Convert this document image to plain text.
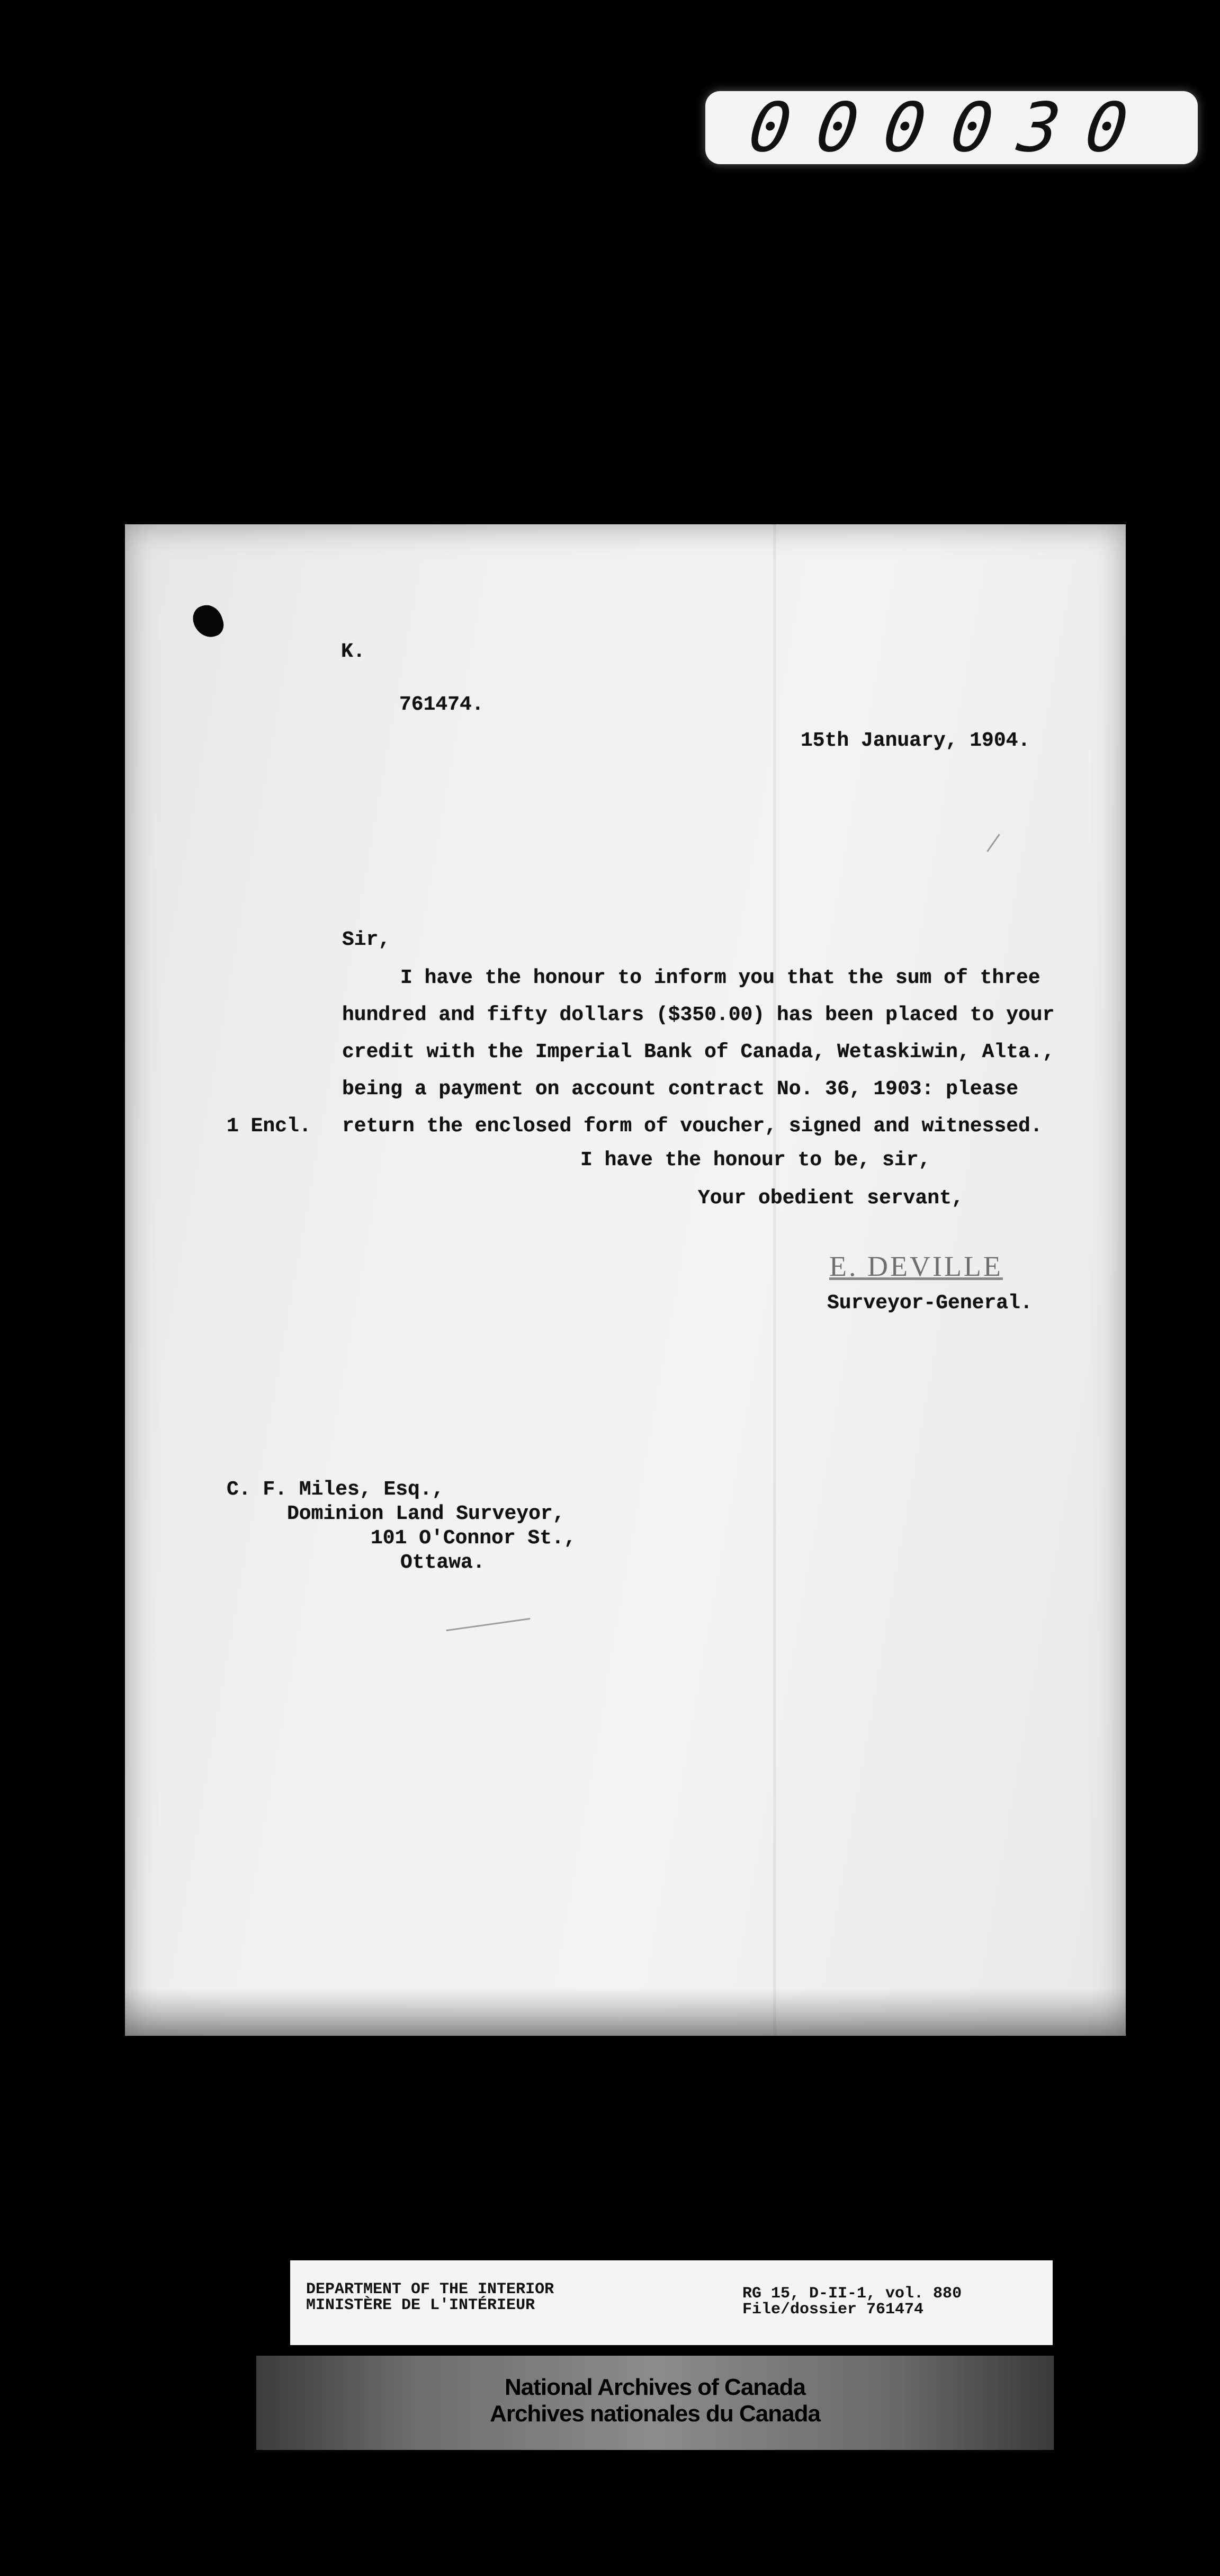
000030
K.
761474.
15th January, 1904.
Sir,
I have the honour to inform you that the sum of three
hundred and fifty dollars ($350.00) has been placed to your
credit with the Imperial Bank of Canada, Wetaskiwin, Alta.,
being a payment on account contract No. 36, 1903: please
1 Encl. return the enclosed form of voucher, signed and witnessed.
I have the honour to be, sir,
Your obedient servant,
E. DEVILLE
Surveyor-General.
C. F. Miles, Esq.,
Dominion Land Surveyor,
101 O'Connor St.,
Ottawa.
DEPARTMENT OF THE INTERIOR
MINISTÈRE DE L'INTÉRIEUR
RG 15, D-II-1, vol. 880
File/dossier 761474
National Archives of Canada
Archives nationales du Canada
